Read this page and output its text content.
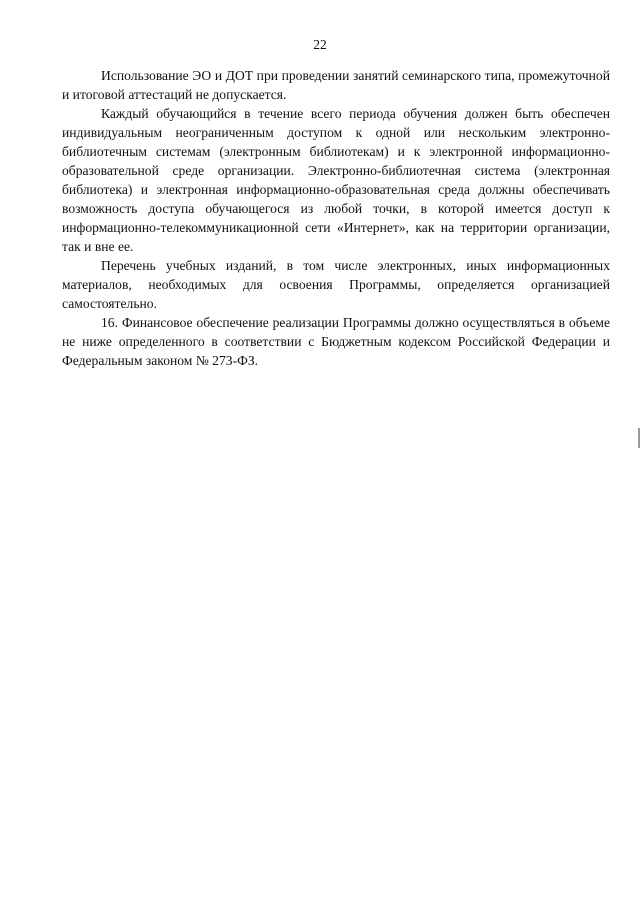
22

Использование ЭО и ДОТ при проведении занятий семинарского типа, промежуточной и итоговой аттестаций не допускается.

Каждый обучающийся в течение всего периода обучения должен быть обеспечен индивидуальным неограниченным доступом к одной или нескольким электронно-библиотечным системам (электронным библиотекам) и к электронной информационно-образовательной среде организации. Электронно-библиотечная система (электронная библиотека) и электронная информационно-образовательная среда должны обеспечивать возможность доступа обучающегося из любой точки, в которой имеется доступ к информационно-телекоммуникационной сети «Интернет», как на территории организации, так и вне ее.

Перечень учебных изданий, в том числе электронных, иных информационных материалов, необходимых для освоения Программы, определяется организацией самостоятельно.

16. Финансовое обеспечение реализации Программы должно осуществляться в объеме не ниже определенного в соответствии с Бюджетным кодексом Российской Федерации и Федеральным законом № 273-ФЗ.
